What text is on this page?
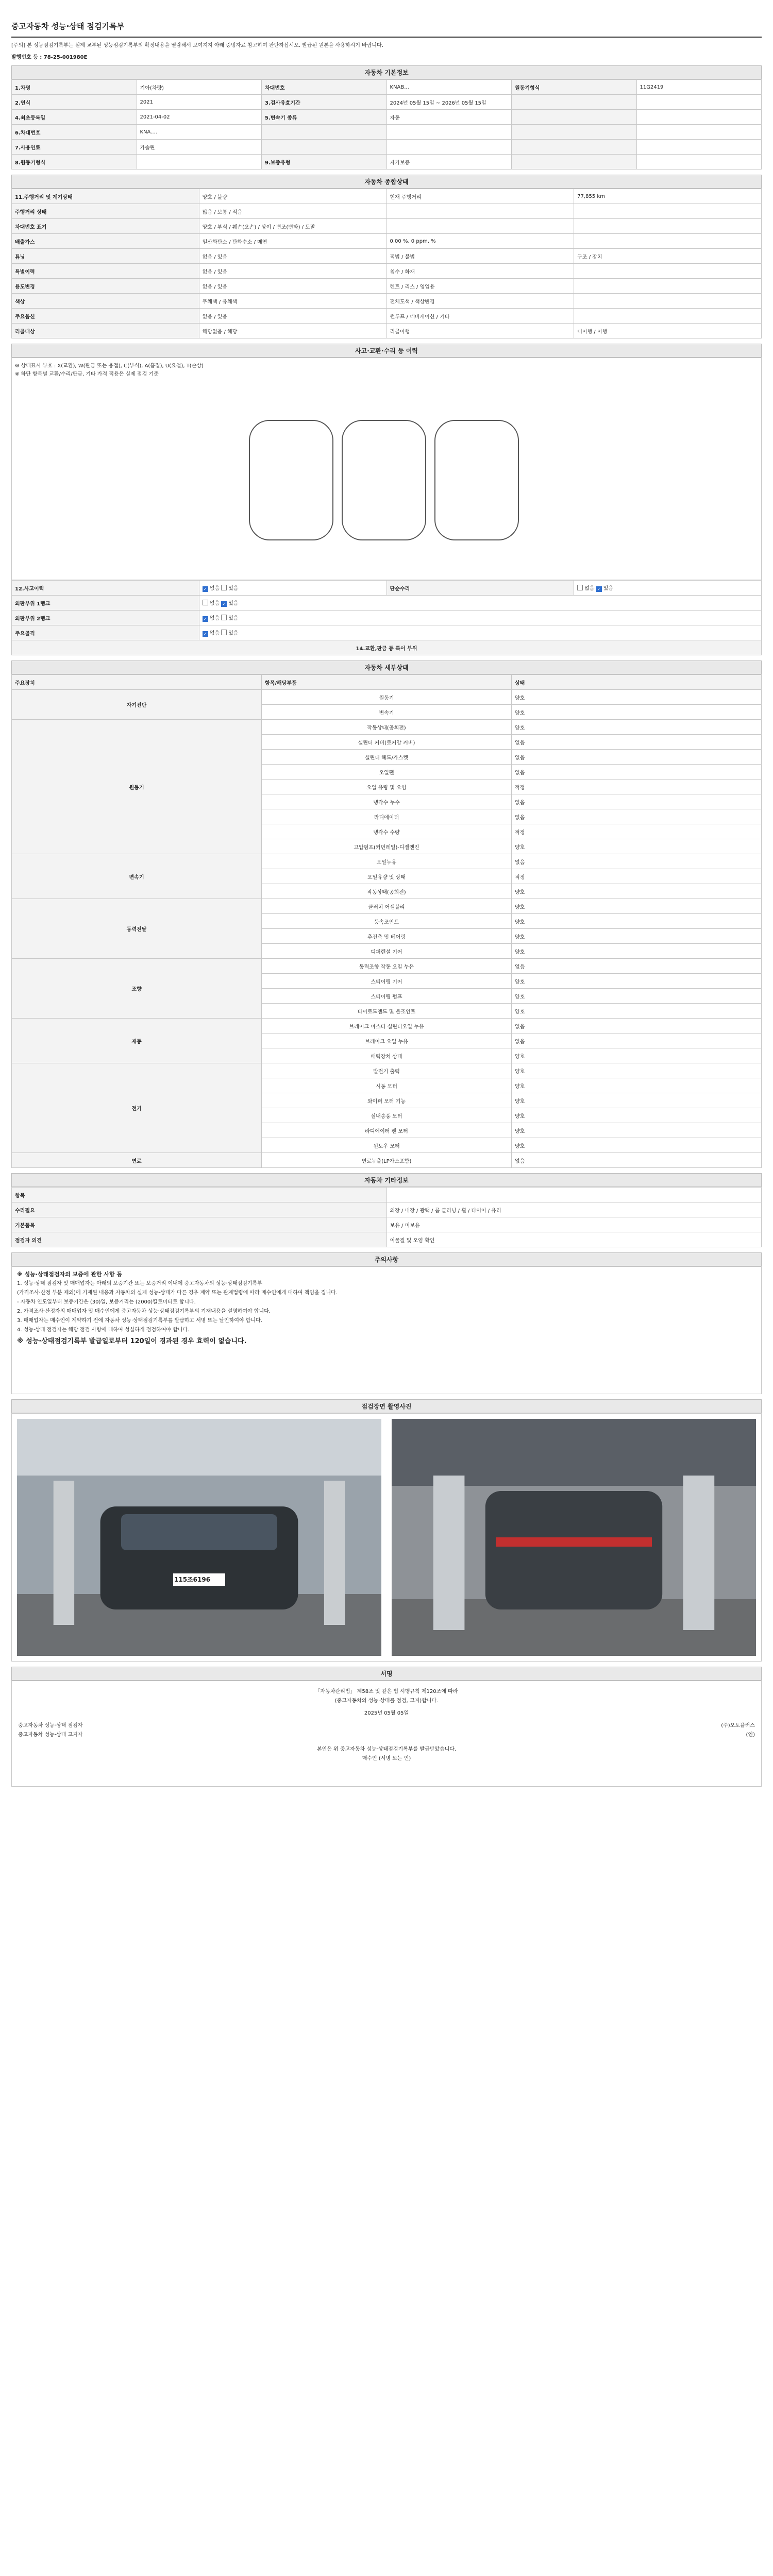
중고자동차 성능·상태 점검기록부
[주의] 본 성능점검기록부는 실제 교부된 성능점검기록부의 확정내용을 열람해서 보여지지 아래 증빙자료 참고하여 판단하십시오. 발급된 원본을 사용하시기 바랍니다.
발행번호 등 : 78-25-001980E
자동차 기본정보
1.차명	기아(차량)	차대번호	KNAB...	원동기형식	11G2419
2.연식	2021	3.검사유효기간	2024년 05월 15일 ~ 2026년 05월 15일		
4.최초등록일	2021-04-02	5.변속기 종류	자동		
6.차대번호	KNA....				
7.사용연료	가솔린				
8.원동기형식		9.보증유형	자가보증		
자동차 종합상태
11.주행거리 및 계기상태	양호 / 불량	현재 주행거리	77,855 km
주행거리 상태	많음 / 보통 / 적음		
차대번호 표기	양호 / 부식 / 훼손(오손) / 상이 / 변조(변타) / 도말		
배출가스	일산화탄소 / 탄화수소 / 매연	0.00 %, 0 ppm, %	
튜닝	없음 / 있음	적법 / 불법	구조 / 장치
특별이력	없음 / 있음	침수 / 화재	
용도변경	없음 / 있음	렌트 / 리스 / 영업용	
색상	무채색 / 유채색	전체도색 / 색상변경	
주요옵션	없음 / 있음	썬루프 / 네비게이션 / 기타	
리콜대상	해당없음 / 해당	리콜이행	미이행 / 이행
사고·교환·수리 등 이력
※ 상태표시 부호 : X(교환), W(판금 또는 용접), C(부식), A(흠집), U(요철), T(손상)
※ 하단 항목별 교환/수리/판금, 기타 가격 적용은 실제 점검 기준
12.사고이력	✓없음 있음	단순수리	없음 ✓ 있음
외판부위 1랭크	없음 ✓ 있음
외판부위 2랭크	✓없음 있음
주요골격	✓없음 있음
14.교환,판금 등 특이 부위			
자동차 세부상태
주요장치	항목/해당부품	상태
자기진단	원동기	양호
	변속기	양호
원동기	작동상태(공회전)	양호
	실린더 커버(로커암 커버)	없음
	실린더 헤드/가스켓	없음
	오일팬	없음
	오일 유량 및 오염	적정
	냉각수 누수	없음
	라디에이터	없음
	냉각수 수량	적정
	고압펌프(커먼레일)-디젤엔진	양호
변속기	오일누유	없음
	오일유량 및 상태	적정
	작동상태(공회전)	양호
동력전달	클러치 어셈블리	양호
	등속조인트	양호
	추진축 및 베어링	양호
	디퍼렌셜 기어	양호
조향	동력조향 작동 오일 누유	없음
	스티어링 기어	양호
	스티어링 펌프	양호
	타이로드엔드 및 볼조인트	양호
제동	브레이크 마스터 실린더오일 누유	없음
	브레이크 오일 누유	없음
	배력장치 상태	양호
전기	발전기 출력	양호
	시동 모터	양호
	와이퍼 모터 기능	양호
	실내송풍 모터	양호
	라디에이터 팬 모터	양호
	윈도우 모터	양호
연료	연료누출(LP가스포함)	없음
자동차 기타정보
항목	
수리필요	외장 / 내장 / 광택 / 룸 클리닝 / 휠 / 타이어 / 유리
기본품목	보유 / 미보유
점검자 의견	이물질 및 오염 확인
주의사항

※ 성능·상태점검자의 보증에 관한 사항 등

1. 성능·상태 점검자 및 매매업자는 아래의 보증기간 또는 보증거리 이내에 중고자동차의 성능·상태점검기록부

(가격조사·산정 부분 제외)에 기재된 내용과 자동차의 실제 성능·상태가 다른 경우 계약 또는 관계법령에 따라 매수인에게 대하여 책임을 집니다.

- 자동차 인도일부터 보증기간은 (30)일, 보증거리는 (2000)킬로미터로 합니다.

2. 가격조사·산정자의 매매업자 및 매수인에게 중고자동차 성능·상태점검기록부의 기재내용을 설명하여야 합니다.

3. 매매업자는 매수인이 계약하기 전에 자동차 성능·상태점검기록부를 발급하고 서명 또는 날인하여야 합니다.

4. 성능·상태 점검자는 해당 점검 사항에 대하여 성실하게 점검하여야 합니다.

※ 성능·상태점검기록부 발급일로부터 120일이 경과된 경우 효력이 없습니다.

점검장면 촬영사진
115조6196
서명
「자동차관리법」 제58조 및 같은 법 시행규칙 제120조에 따라
(중고자동차의 성능·상태를 점검, 고지)합니다.
2025년 05월 05일
중고자동차 성능·상태 점검자	(주)오토플러스
중고자동차 성능·상태 고지자	(인)
본인은 위 중고자동차 성능·상태점검기록부를 발급받았습니다.
매수인 (서명 또는 인)
